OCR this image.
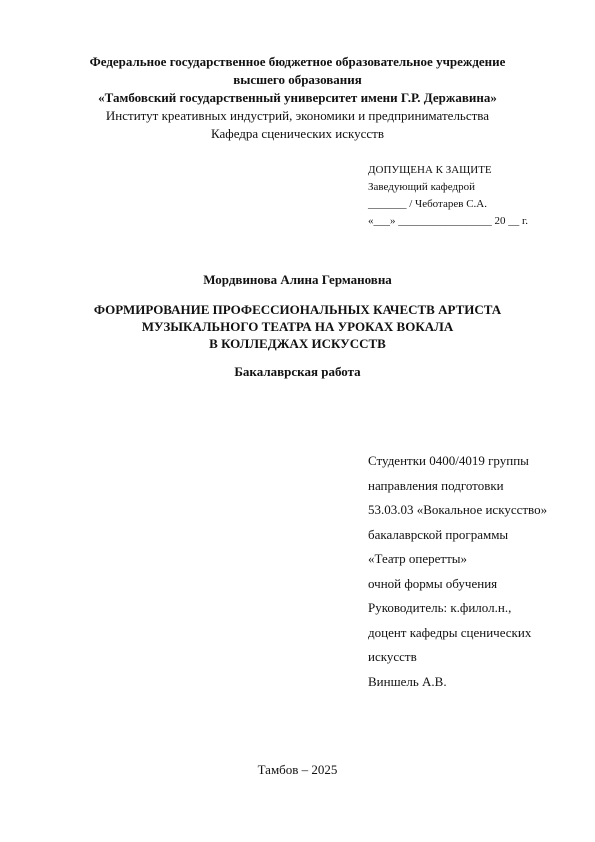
Федеральное государственное бюджетное образовательное учреждение
высшего образования
«Тамбовский государственный университет имени Г.Р. Державина»
Институт креативных индустрий, экономики и предпринимательства
Кафедра сценических искусств
ДОПУЩЕНА К ЗАЩИТЕ
Заведующий кафедрой
_______ / Чеботарев С.А.
«___» _________________ 20 __ г.
Мордвинова Алина Германовна
ФОРМИРОВАНИЕ ПРОФЕССИОНАЛЬНЫХ КАЧЕСТВ АРТИСТА
МУЗЫКАЛЬНОГО ТЕАТРА НА УРОКАХ ВОКАЛА
В КОЛЛЕДЖАХ ИСКУССТВ
Бакалаврская работа
Студентки 0400/4019 группы
направления подготовки
53.03.03 «Вокальное искусство»
бакалаврской программы
«Театр оперетты»
очной формы обучения
Руководитель: к.филол.н.,
доцент кафедры сценических
искусств
Виншель А.В.
Тамбов – 2025
